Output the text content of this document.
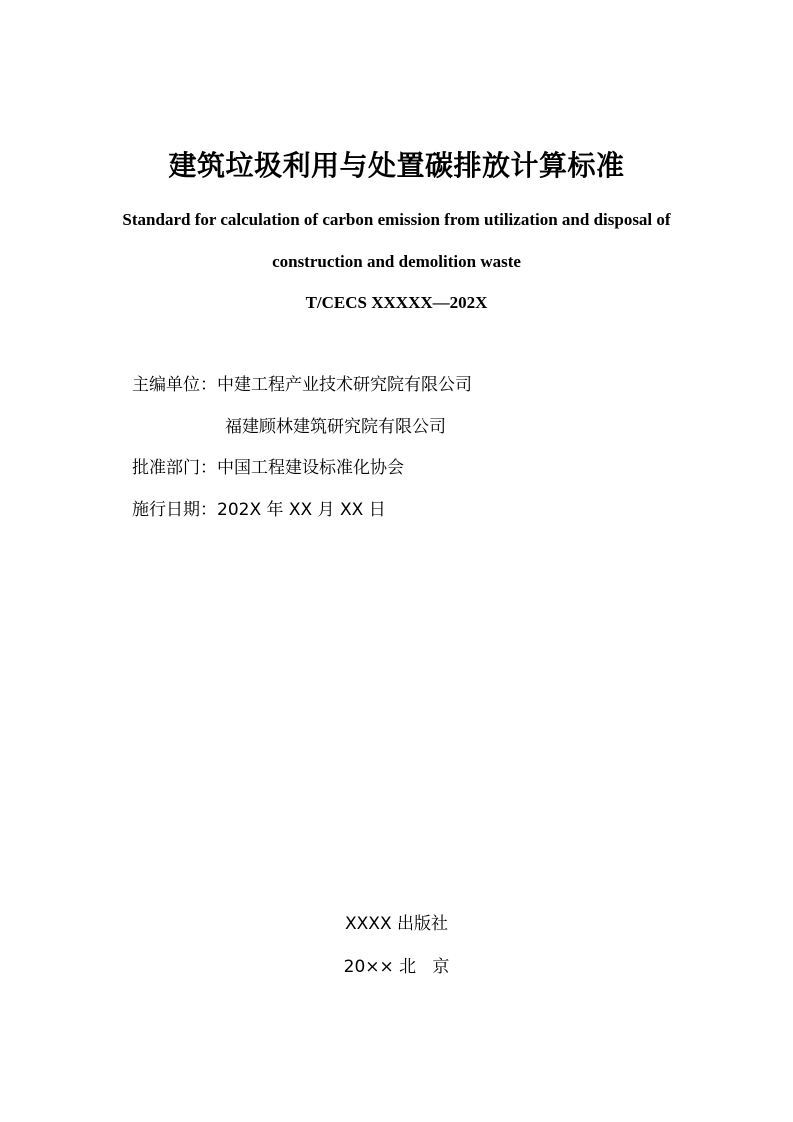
建筑垃圾利用与处置碳排放计算标准
Standard for calculation of carbon emission from utilization and disposal of
construction and demolition waste
T/CECS XXXXX—202X
主编单位：中建工程产业技术研究院有限公司
福建顾林建筑研究院有限公司
批准部门：中国工程建设标准化协会
施行日期：202X 年 XX 月 XX 日
XXXX 出版社
20×× 北   京
